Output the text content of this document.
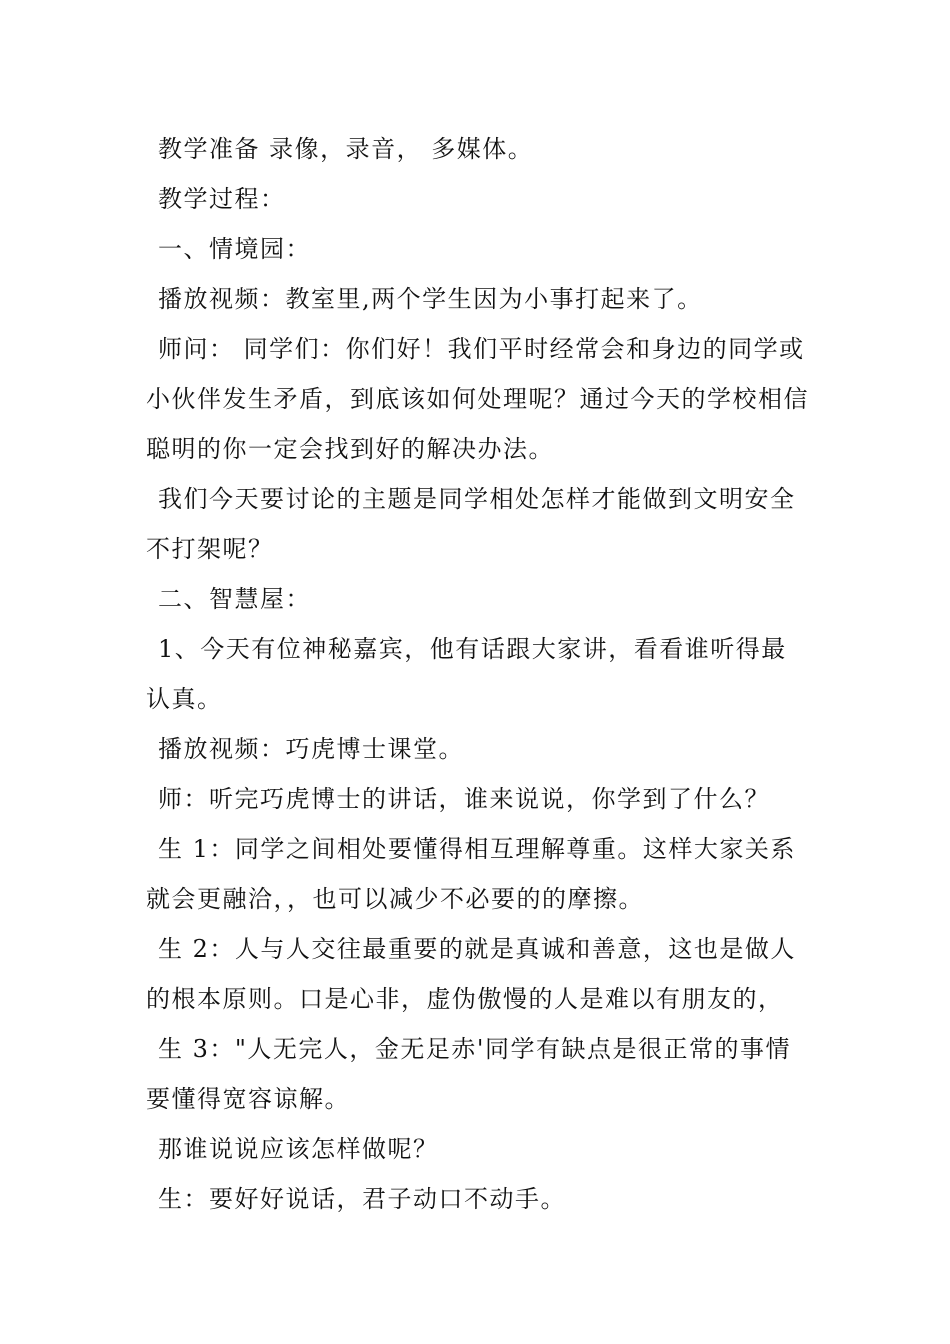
教学准备 录像，录音， 多媒体。

教学过程：

一、情境园：

播放视频：教室里,两个学生因为小事打起来了。

师问： 同学们：你们好！我们平时经常会和身边的同学或小伙伴发生矛盾，到底该如何处理呢？通过今天的学校相信聪明的你一定会找到好的解决办法。

我们今天要讨论的主题是同学相处怎样才能做到文明安全不打架呢？

二、智慧屋：

1、今天有位神秘嘉宾，他有话跟大家讲，看看谁听得最认真。

播放视频：巧虎博士课堂。

师：听完巧虎博士的讲话，谁来说说，你学到了什么？

生 1：同学之间相处要懂得相互理解尊重。这样大家关系就会更融洽，，也可以减少不必要的的摩擦。

生 2：人与人交往最重要的就是真诚和善意，这也是做人的根本原则。口是心非，虚伪傲慢的人是难以有朋友的，

生 3："人无完人，金无足赤'同学有缺点是很正常的事情要懂得宽容谅解。

那谁说说应该怎样做呢？

生：要好好说话，君子动口不动手。
